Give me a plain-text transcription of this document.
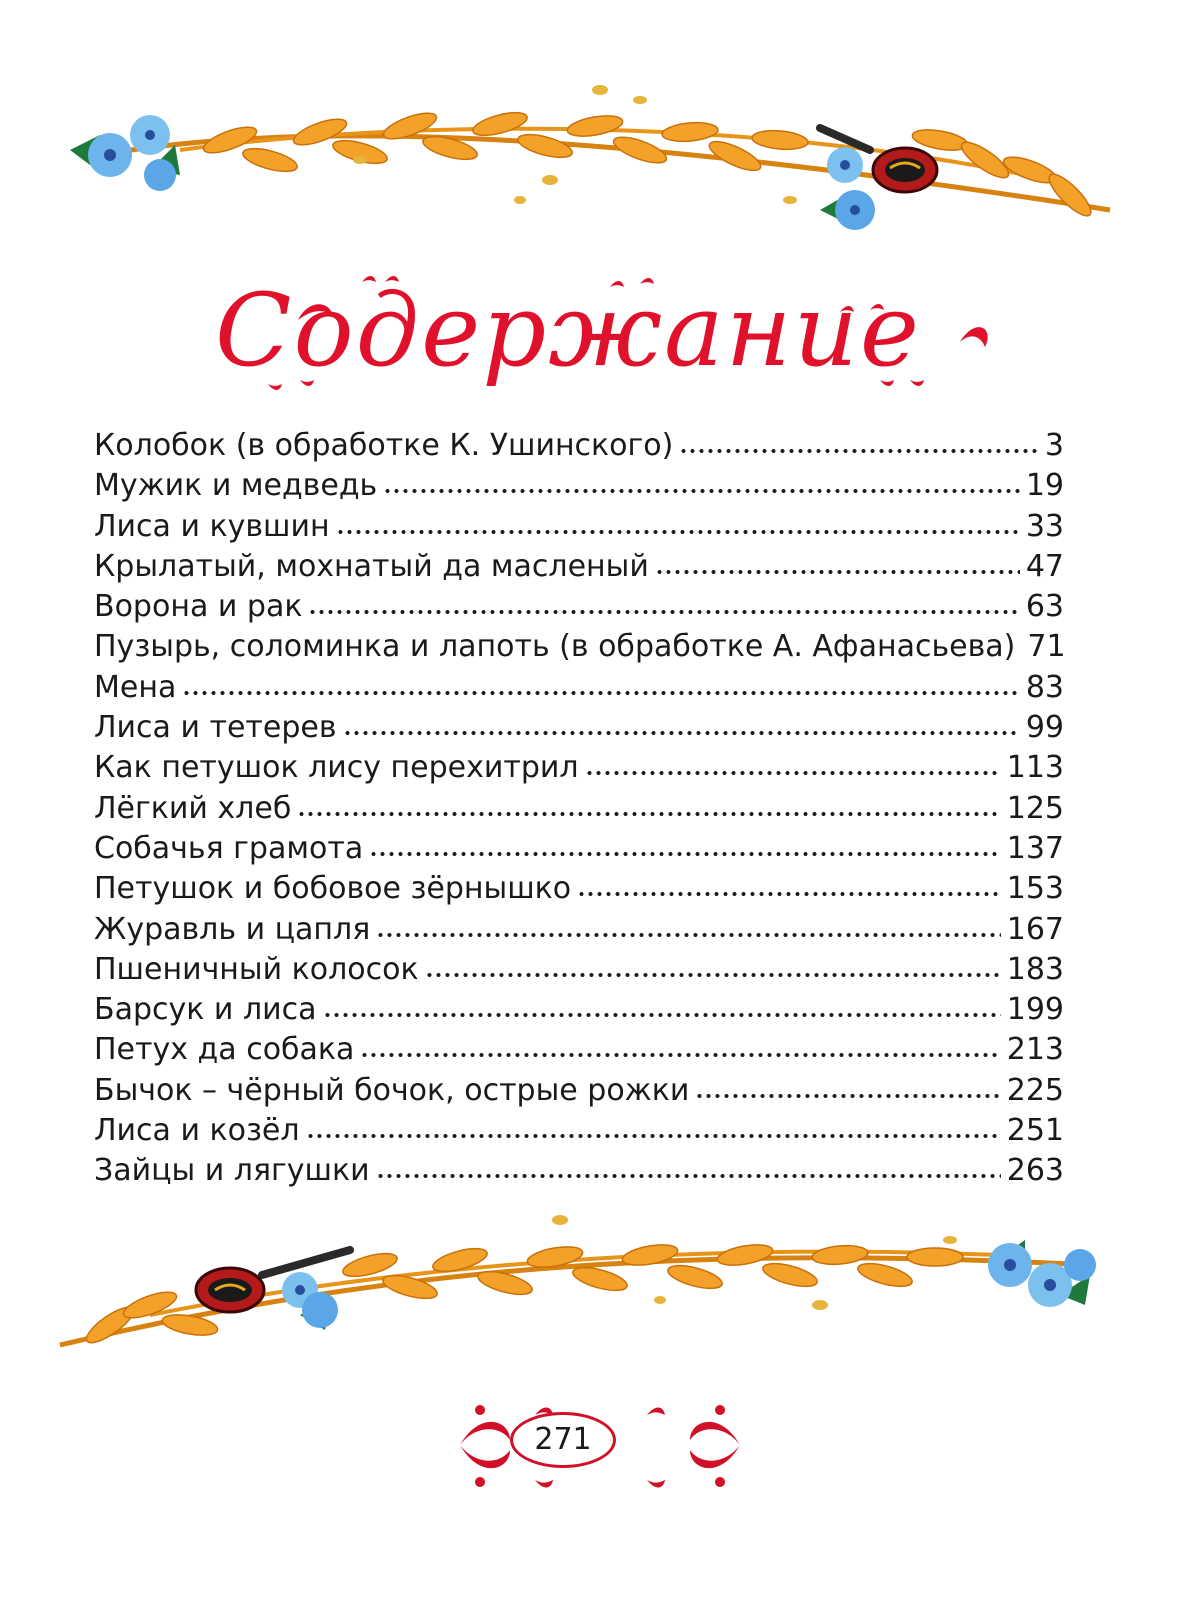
Содержание
Колобок (в обработке К. Ушинского)	3
Мужик и медведь	19
Лиса и кувшин	33
Крылатый, мохнатый да масленый	47
Ворона и рак	63
Пузырь, соломинка и лапоть (в обработке А. Афанасьева) 71
Мена	83
Лиса и тетерев	99
Как петушок лису перехитрил	113
Лёгкий хлеб	125
Собачья грамота	137
Петушок и бобовое зёрнышко	153
Журавль и цапля	167
Пшеничный колосок	183
Барсук и лиса	199
Петух да собака	213
Бычок – чёрный бочок, острые рожки	225
Лиса и козёл	251
Зайцы и лягушки	263
271
